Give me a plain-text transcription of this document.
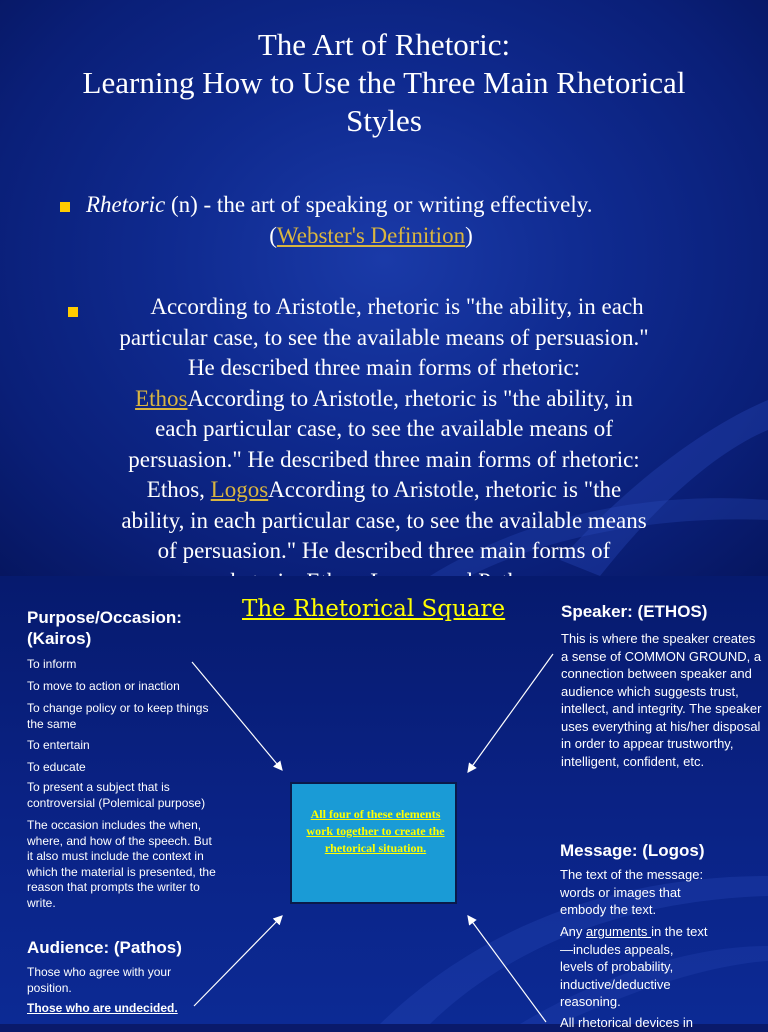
The Art of Rhetoric:
Learning How to Use the Three Main Rhetorical
Styles
Rhetoric (n) - the art of speaking or writing effectively.
(Webster's Definition)
According to Aristotle, rhetoric is "the ability, in each
particular case, to see the available means of persuasion."
He described three main forms of rhetoric:
EthosAccording to Aristotle, rhetoric is "the ability, in
each particular case, to see the available means of
persuasion." He described three main forms of rhetoric:
Ethos, LogosAccording to Aristotle, rhetoric is "the
ability, in each particular case, to see the available means
of persuasion." He described three main forms of
The Rhetorical Square
Purpose/Occasion:
(Kairos)
To inform
To move to action or inaction
To change policy or to keep things the same
To entertain
To educate
To present a subject that is controversial (Polemical purpose)
The occasion includes the when, where, and how of the speech. But it also must include the context in which the material is presented, the reason that prompts the writer to write.
Audience: (Pathos)
Those who agree with your position.
Those who are undecided.
Speaker: (ETHOS)
This is where the speaker creates a sense of COMMON GROUND, a connection between speaker and audience which suggests trust, intellect, and integrity. The speaker uses everything at his/her disposal in order to appear trustworthy, intelligent, confident, etc.
Message: (Logos)
The text of the message: words or images that embody the text.
Any arguments in the text—includes appeals, levels of probability, inductive/deductive reasoning.
All rhetorical devices in
All four of these elements work together to create the rhetorical situation.
